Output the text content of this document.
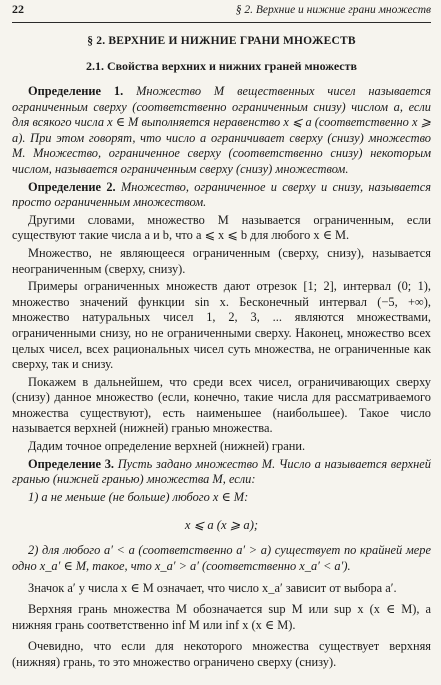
22	§ 2. Верхние и нижние грани множеств
§ 2. ВЕРХНИЕ И НИЖНИЕ ГРАНИ МНОЖЕСТВ
2.1. Свойства верхних и нижних граней множеств

Определение 1. Множество M вещественных чисел называется ограниченным сверху (соответственно ограниченным снизу) числом a, если для всякого числа x ∈ M выполняется неравенство x ⩽ a (соответственно x ⩾ a). При этом говорят, что число a ограничивает сверху (снизу) множество M. Множество, ограниченное сверху (соответственно снизу) некоторым числом, называется ограниченным сверху (снизу) множеством.

Определение 2. Множество, ограниченное и сверху и снизу, называется просто ограниченным множеством.

Другими словами, множество M называется ограниченным, если существуют такие числа a и b, что a ⩽ x ⩽ b для любого x ∈ M.

Множество, не являющееся ограниченным (сверху, снизу), называется неограниченным (сверху, снизу).

Примеры ограниченных множеств дают отрезок [1; 2], интервал (0; 1), множество значений функции sin x. Бесконечный интервал (−5, +∞), множество натуральных чисел 1, 2, 3, ... являются множествами, ограниченными снизу, но не ограниченными сверху. Наконец, множество всех целых чисел, всех рациональных чисел суть множества, не ограниченные как сверху, так и снизу.

Покажем в дальнейшем, что среди всех чисел, ограничивающих сверху (снизу) данное множество (если, конечно, такие числа для рассматриваемого множества существуют), есть наименьшее (наибольшее). Такое число называется верхней (нижней) гранью множества.

Дадим точное определение верхней (нижней) грани.

Определение 3. Пусть задано множество M. Число a называется верхней гранью (нижней гранью) множества M, если:

1) a не меньше (не больше) любого x ∈ M:

x ⩽ a (x ⩾ a);

2) для любого a′ < a (соответственно a′ > a) существует по крайней мере одно x_a′ ∈ M, такое, что x_a′ > a′ (соответственно x_a′ < a′).

Значок a′ у числа x ∈ M означает, что число x_a′ зависит от выбора a′.

Верхняя грань множества M обозначается sup M или sup x (x ∈ M), а нижняя грань соответственно inf M или inf x (x ∈ M).

Очевидно, что если для некоторого множества существует верхняя (нижняя) грань, то это множество ограничено сверху (снизу).
